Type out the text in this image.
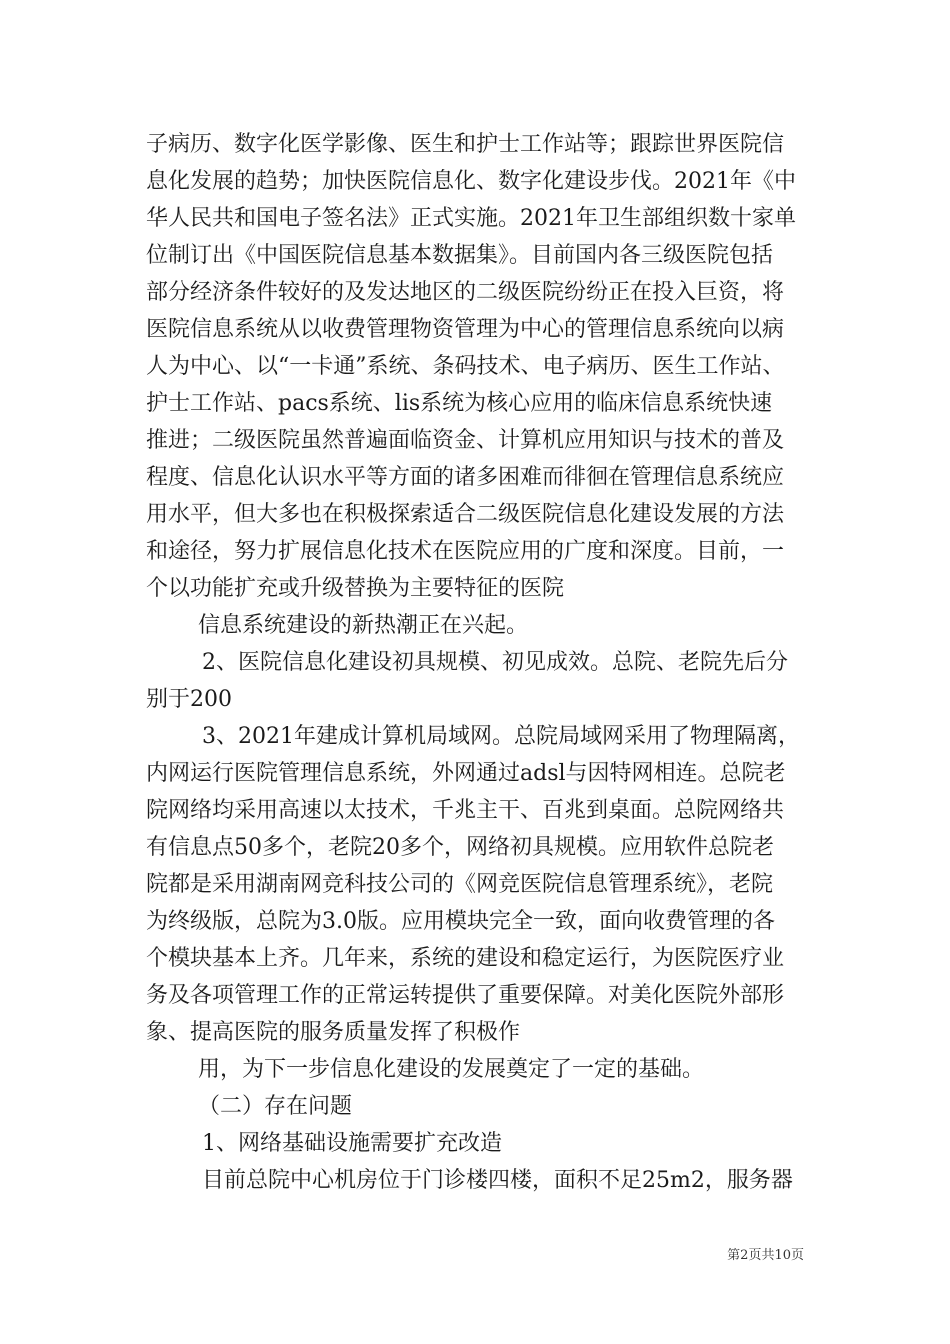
子病历、数字化医学影像、医生和护士工作站等；跟踪世界医院信
息化发展的趋势；加快医院信息化、数字化建设步伐。2021年《中
华人民共和国电子签名法》正式实施。2021年卫生部组织数十家单
位制订出《中国医院信息基本数据集》。目前国内各三级医院包括
部分经济条件较好的及发达地区的二级医院纷纷正在投入巨资，将
医院信息系统从以收费管理物资管理为中心的管理信息系统向以病
人为中心、以“一卡通”系统、条码技术、电子病历、医生工作站、
护士工作站、pacs系统、lis系统为核心应用的临床信息系统快速
推进；二级医院虽然普遍面临资金、计算机应用知识与技术的普及
程度、信息化认识水平等方面的诸多困难而徘徊在管理信息系统应
用水平，但大多也在积极探索适合二级医院信息化建设发展的方法
和途径，努力扩展信息化技术在医院应用的广度和深度。目前，一
个以功能扩充或升级替换为主要特征的医院
信息系统建设的新热潮正在兴起。
2、医院信息化建设初具规模、初见成效。总院、老院先后分
别于200
3、2021年建成计算机局域网。总院局域网采用了物理隔离，
内网运行医院管理信息系统，外网通过adsl与因特网相连。总院老
院网络均采用高速以太技术，千兆主干、百兆到桌面。总院网络共
有信息点50多个，老院20多个，网络初具规模。应用软件总院老
院都是采用湖南网竞科技公司的《网竞医院信息管理系统》，老院
为终级版，总院为3.0版。应用模块完全一致，面向收费管理的各
个模块基本上齐。几年来，系统的建设和稳定运行，为医院医疗业
务及各项管理工作的正常运转提供了重要保障。对美化医院外部形
象、提高医院的服务质量发挥了积极作
用，为下一步信息化建设的发展奠定了一定的基础。
（二）存在问题
1、网络基础设施需要扩充改造
目前总院中心机房位于门诊楼四楼，面积不足25m2，服务器
第2页共10页
